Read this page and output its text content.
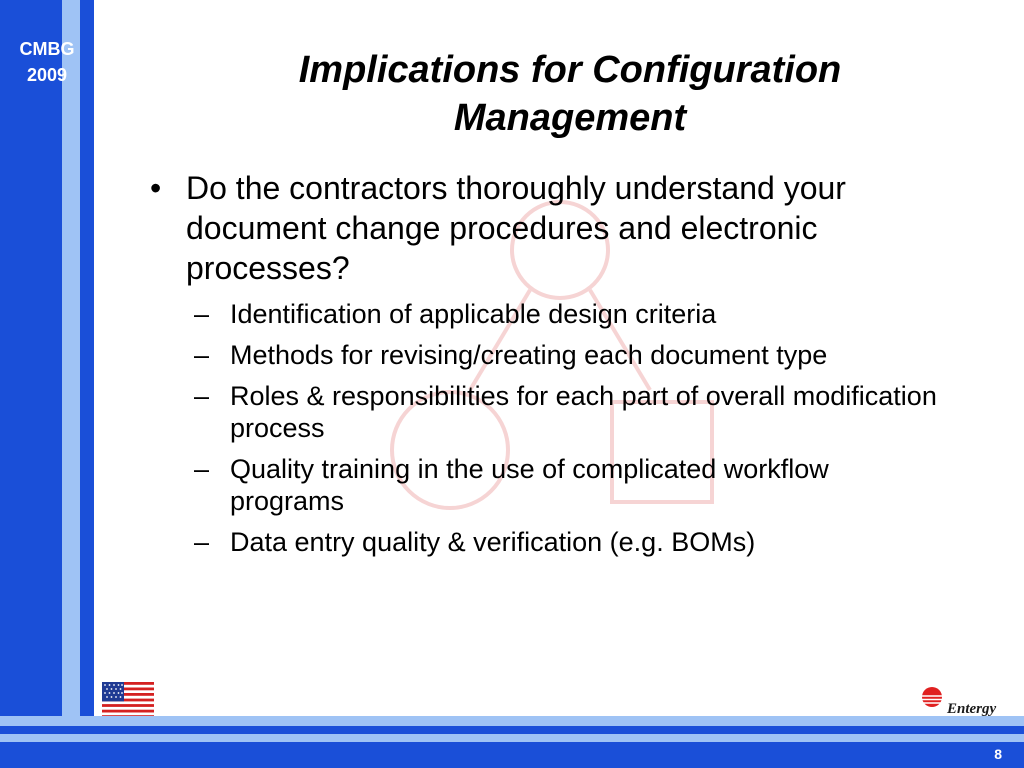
CMBG
2009	Implications for Configuration
Management
• Do the contractors thoroughly understand your document change procedures and electronic processes?
– Identification of applicable design criteria
– Methods for revising/creating each document type
– Roles & responsibilities for each part of overall modification process
– Quality training in the use of complicated workflow programs
– Data entry quality & verification (e.g. BOMs)
Entergy
8
